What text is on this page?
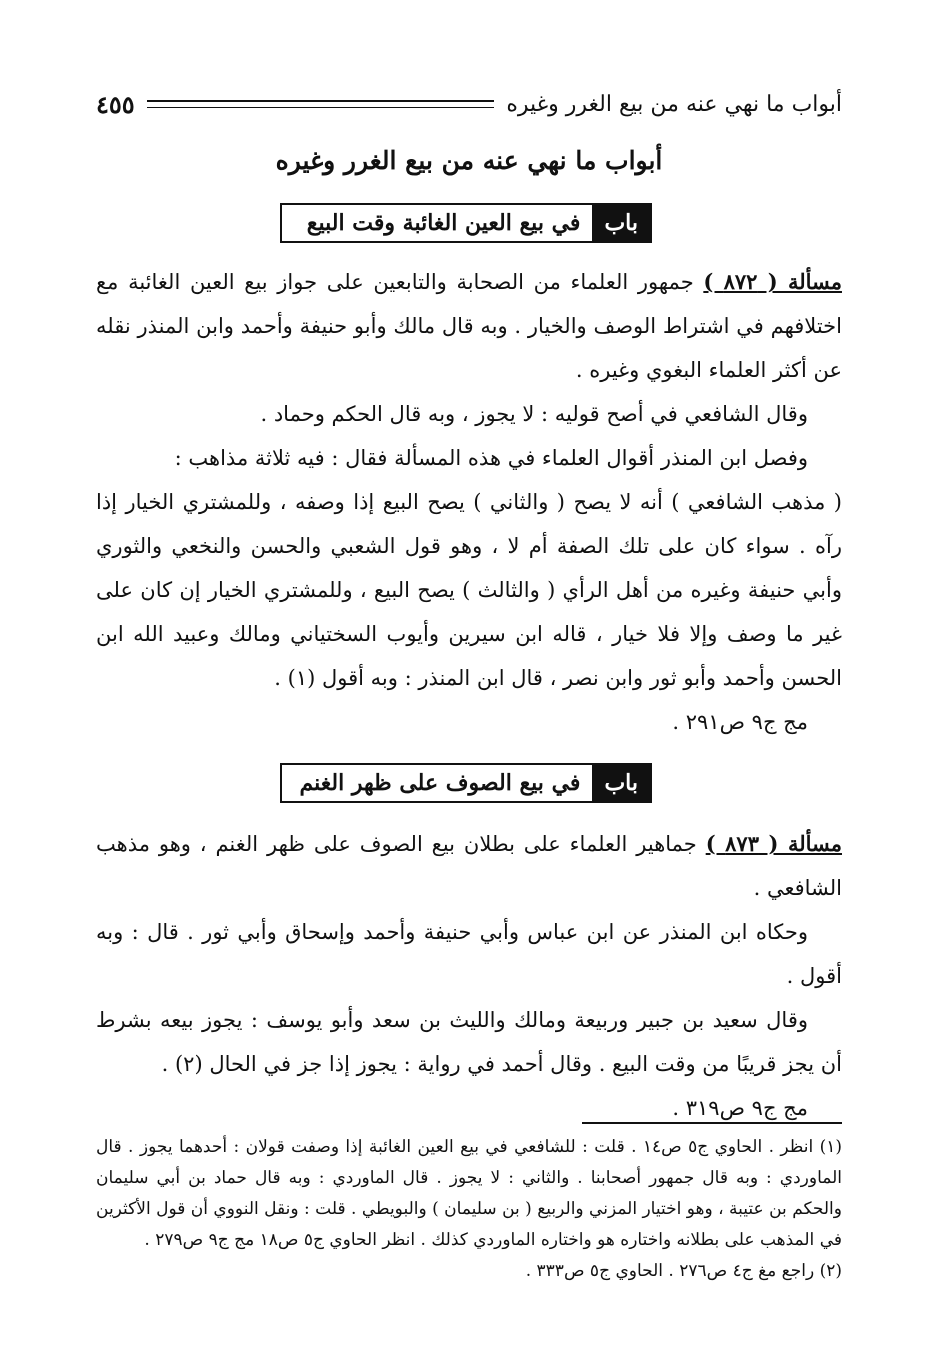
أبواب ما نهي عنه من بيع الغرر وغيره
٤٥٥
أبواب ما نهي عنه من بيع الغرر وغيره
باب
في بيع العين الغائبة وقت البيع

مسألة ( ٨٧٢ ) جمهور العلماء من الصحابة والتابعين على جواز بيع العين الغائبة مع اختلافهم في اشتراط الوصف والخيار . وبه قال مالك وأبو حنيفة وأحمد وابن المنذر نقله عن أكثر العلماء البغوي وغيره .

وقال الشافعي في أصح قوليه : لا يجوز ، وبه قال الحكم وحماد .

وفصل ابن المنذر أقوال العلماء في هذه المسألة فقال : فيه ثلاثة مذاهب :

( مذهب الشافعي ) أنه لا يصح ( والثاني ) يصح البيع إذا وصفه ، وللمشتري الخيار إذا رآه . سواء كان على تلك الصفة أم لا ، وهو قول الشعبي والحسن والنخعي والثوري وأبي حنيفة وغيره من أهل الرأي ( والثالث ) يصح البيع ، وللمشتري الخيار إن كان على غير ما وصف وإلا فلا خيار ، قاله ابن سيرين وأيوب السختياني ومالك وعبيد الله ابن الحسن وأحمد وأبو ثور وابن نصر ، قال ابن المنذر : وبه أقول (١) .

مج ج٩ ص٢٩١ .

باب
في بيع الصوف على ظهر الغنم

مسألة ( ٨٧٣ ) جماهير العلماء على بطلان بيع الصوف على ظهر الغنم ، وهو مذهب الشافعي .

وحكاه ابن المنذر عن ابن عباس وأبي حنيفة وأحمد وإسحاق وأبي ثور . قال : وبه أقول .

وقال سعيد بن جبير وربيعة ومالك والليث بن سعد وأبو يوسف : يجوز بيعه بشرط أن يجز قريبًا من وقت البيع . وقال أحمد في رواية : يجوز إذا جز في الحال (٢) .

مج ج٩ ص٣١٩ .

(١) انظر . الحاوي ج٥ ص١٤ . قلت : للشافعي في بيع العين الغائبة إذا وصفت قولان : أحدهما يجوز . قال الماوردي : وبه قال جمهور أصحابنا . والثاني : لا يجوز . قال الماوردي : وبه قال حماد بن أبي سليمان والحكم بن عتيبة ، وهو اختيار المزني والربيع ( بن سليمان ) والبويطي . قلت : ونقل النووي أن قول الأكثرين في المذهب على بطلانه واختاره هو واختاره الماوردي كذلك . انظر الحاوي ج٥ ص١٨ مج ج٩ ص٢٧٩ .

(٢) راجع مغ ج٤ ص٢٧٦ . الحاوي ج٥ ص٣٣٣ .
